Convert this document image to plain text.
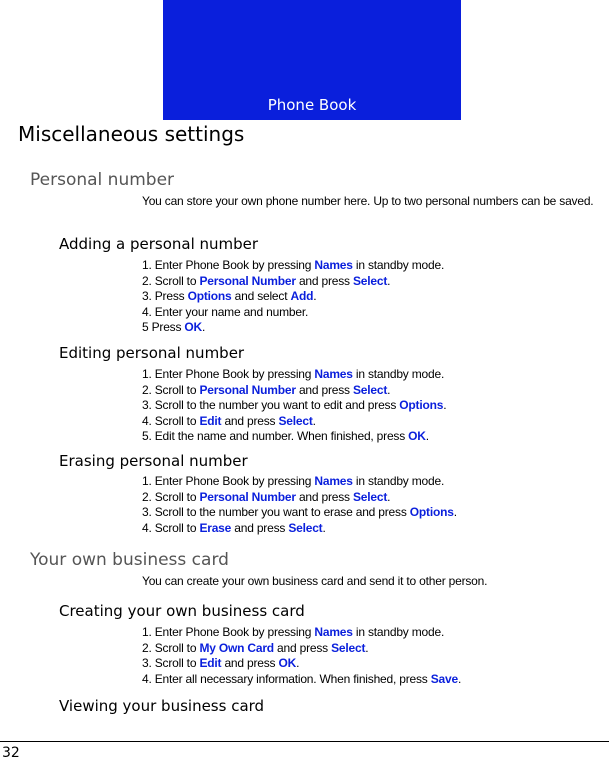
Phone Book
Miscellaneous settings
Personal number
You can store your own phone number here. Up to two personal numbers can be saved.
Adding a personal number
1. Enter Phone Book by pressing Names in standby mode.
2. Scroll to Personal Number and press Select.
3. Press Options and select Add.
4. Enter your name and number.
5 Press OK.
Editing personal number
1. Enter Phone Book by pressing Names in standby mode.
2. Scroll to Personal Number and press Select.
3. Scroll to the number you want to edit and press Options.
4. Scroll to Edit and press Select.
5. Edit the name and number. When finished, press OK.
Erasing personal number
1. Enter Phone Book by pressing Names in standby mode.
2. Scroll to Personal Number and press Select.
3. Scroll to the number you want to erase and press Options.
4. Scroll to Erase and press Select.
Your own business card
You can create your own business card and send it to other person.
Creating your own business card
1. Enter Phone Book by pressing Names in standby mode.
2. Scroll to My Own Card and press Select.
3. Scroll to Edit and press OK.
4. Enter all necessary information. When finished, press Save.
Viewing your business card
32
